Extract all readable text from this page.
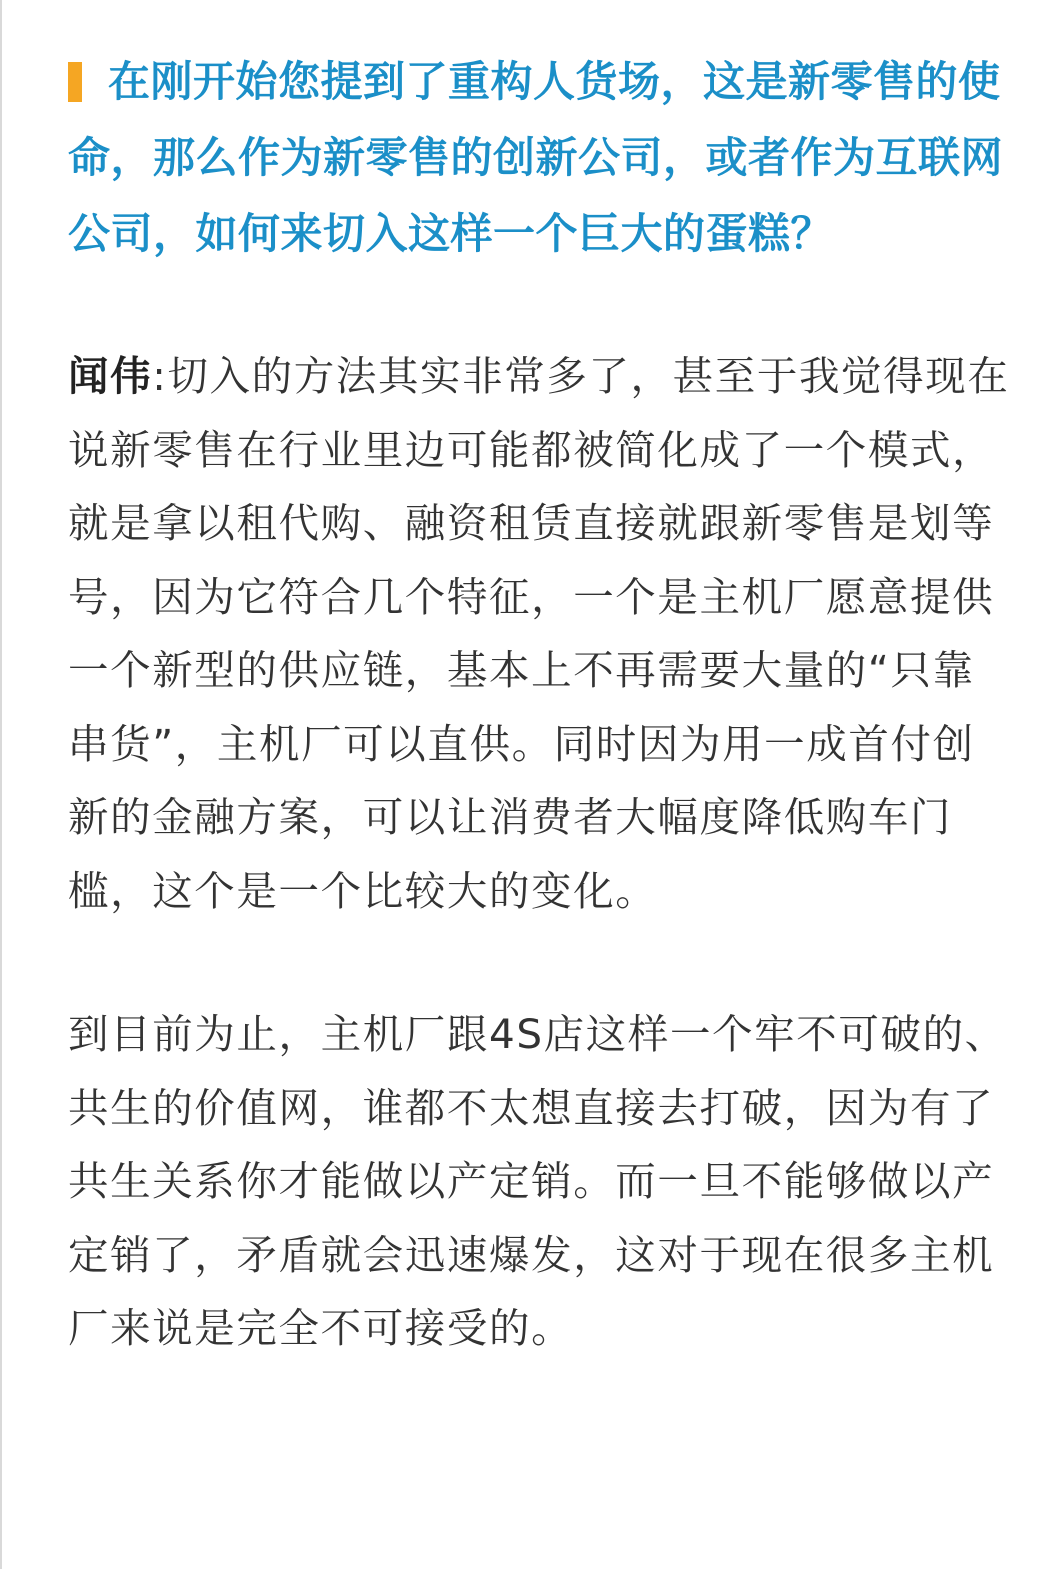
在刚开始您提到了重构人货场，这是新零售的使命，那么作为新零售的创新公司，或者作为互联网公司，如何来切入这样一个巨大的蛋糕？
闻伟:切入的方法其实非常多了，甚至于我觉得现在说新零售在行业里边可能都被简化成了一个模式，就是拿以租代购、融资租赁直接就跟新零售是划等号，因为它符合几个特征，一个是主机厂愿意提供一个新型的供应链，基本上不再需要大量的“只靠串货”，主机厂可以直供。同时因为用一成首付创新的金融方案，可以让消费者大幅度降低购车门槛，这个是一个比较大的变化。
到目前为止，主机厂跟4S店这样一个牢不可破的、共生的价值网，谁都不太想直接去打破，因为有了共生关系你才能做以产定销。而一旦不能够做以产定销了，矛盾就会迅速爆发，这对于现在很多主机厂来说是完全不可接受的。
